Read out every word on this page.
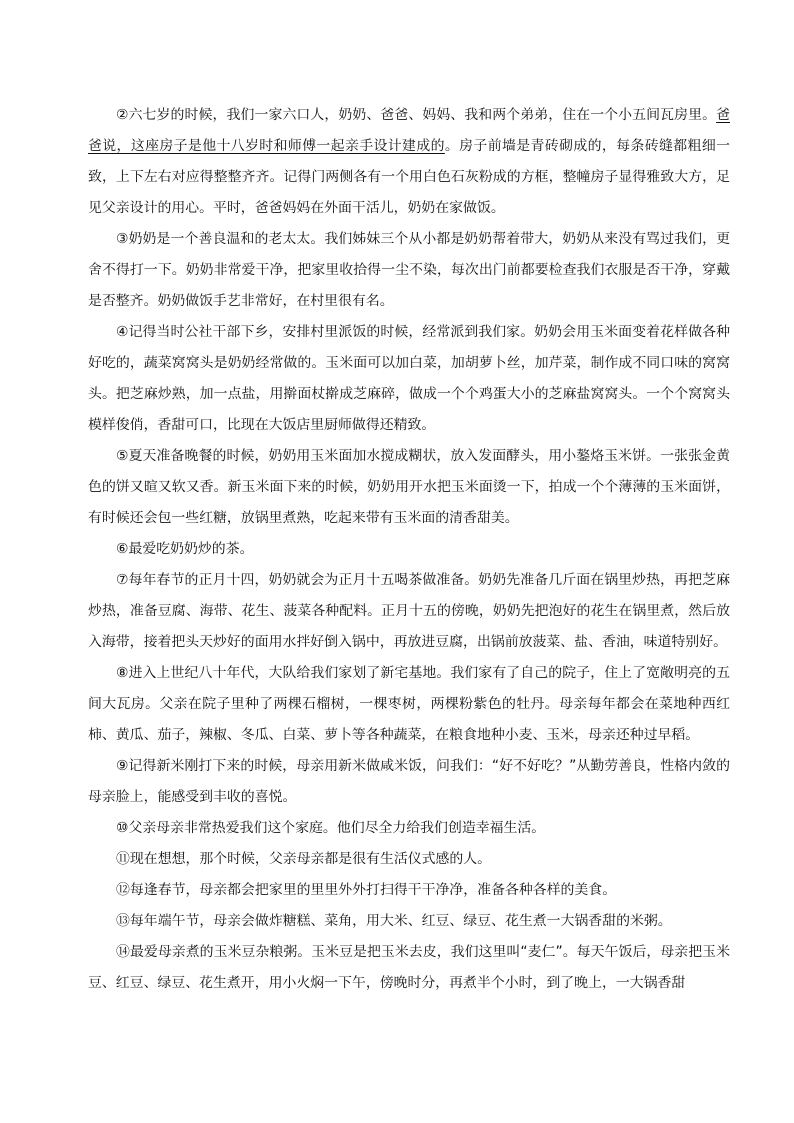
②六七岁的时候，我们一家六口人，奶奶、爸爸、妈妈、我和两个弟弟，住在一个小五间瓦房里。爸爸说，这座房子是他十八岁时和师傅一起亲手设计建成的。房子前墙是青砖砌成的，每条砖缝都粗细一致，上下左右对应得整整齐齐。记得门两侧各有一个用白色石灰粉成的方框，整幢房子显得雅致大方，足见父亲设计的用心。平时，爸爸妈妈在外面干活儿，奶奶在家做饭。

③奶奶是一个善良温和的老太太。我们姊妹三个从小都是奶奶帮着带大，奶奶从来没有骂过我们，更舍不得打一下。奶奶非常爱干净，把家里收拾得一尘不染，每次出门前都要检查我们衣服是否干净，穿戴是否整齐。奶奶做饭手艺非常好，在村里很有名。

④记得当时公社干部下乡，安排村里派饭的时候，经常派到我们家。奶奶会用玉米面变着花样做各种好吃的，蔬菜窝窝头是奶奶经常做的。玉米面可以加白菜，加胡萝卜丝，加芹菜，制作成不同口味的窝窝头。把芝麻炒熟，加一点盐，用擀面杖擀成芝麻碎，做成一个个鸡蛋大小的芝麻盐窝窝头。一个个窝窝头模样俊俏，香甜可口，比现在大饭店里厨师做得还精致。

⑤夏天准备晚餐的时候，奶奶用玉米面加水搅成糊状，放入发面酵头，用小鏊烙玉米饼。一张张金黄色的饼又暄又软又香。新玉米面下来的时候，奶奶用开水把玉米面烫一下，拍成一个个薄薄的玉米面饼，有时候还会包一些红糖，放锅里煮熟，吃起来带有玉米面的清香甜美。

⑥最爱吃奶奶炒的茶。

⑦每年春节的正月十四，奶奶就会为正月十五喝茶做准备。奶奶先准备几斤面在锅里炒热，再把芝麻炒热，准备豆腐、海带、花生、菠菜各种配料。正月十五的傍晚，奶奶先把泡好的花生在锅里煮，然后放入海带，接着把头天炒好的面用水拌好倒入锅中，再放进豆腐，出锅前放菠菜、盐、香油，味道特别好。

⑧进入上世纪八十年代，大队给我们家划了新宅基地。我们家有了自己的院子，住上了宽敞明亮的五间大瓦房。父亲在院子里种了两棵石榴树，一棵枣树，两棵粉紫色的牡丹。母亲每年都会在菜地种西红柿、黄瓜、茄子，辣椒、冬瓜、白菜、萝卜等各种蔬菜，在粮食地种小麦、玉米，母亲还种过早稻。

⑨记得新米刚打下来的时候，母亲用新米做咸米饭，问我们：“好不好吃？”从勤劳善良，性格内敛的母亲脸上，能感受到丰收的喜悦。

⑩父亲母亲非常热爱我们这个家庭。他们尽全力给我们创造幸福生活。

⑪现在想想，那个时候，父亲母亲都是很有生活仪式感的人。

⑫每逢春节，母亲都会把家里的里里外外打扫得干干净净，准备各种各样的美食。

⑬每年端午节，母亲会做炸糖糕、菜角，用大米、红豆、绿豆、花生煮一大锅香甜的米粥。

⑭最爱母亲煮的玉米豆杂粮粥。玉米豆是把玉米去皮，我们这里叫“麦仁”。每天午饭后，母亲把玉米豆、红豆、绿豆、花生煮开，用小火焖一下午，傍晚时分，再煮半个小时，到了晚上，一大锅香甜
